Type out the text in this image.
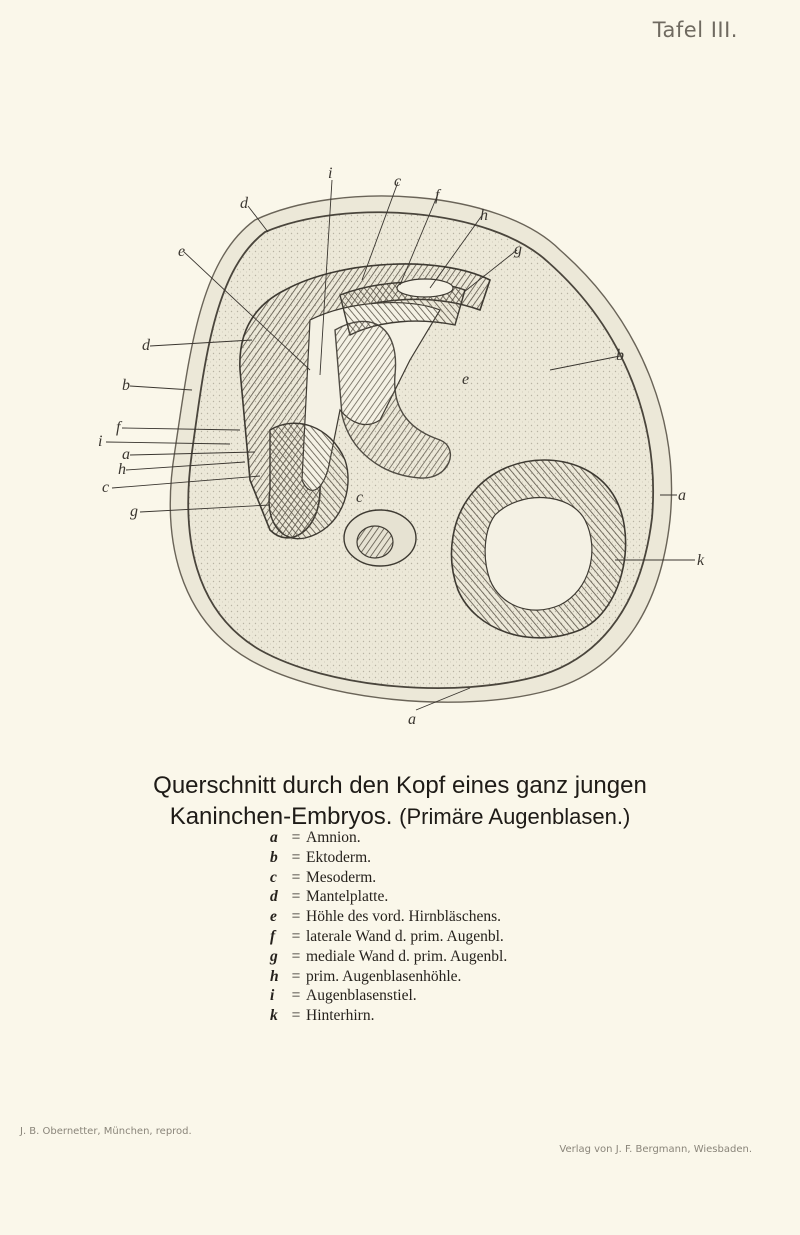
Tafel III.
i	c
f
h
d
e	g
b
d
b
f
i
a
h
c
g
e
c	a
k
a
Querschnitt durch den Kopf eines ganz jungen
Kaninchen-Embryos. (Primäre Augenblasen.)
a = Amnion.
b = Ektoderm.
c = Mesoderm.
d = Mantelplatte.
e = Höhle des vord. Hirnbläschens.
f	= laterale Wand d. prim. Augenbl.
g = mediale Wand d. prim. Augenbl.
h = prim. Augenblasenhöhle.
i	= Augenblasenstiel.
k = Hinterhirn.
J. B. Obernetter, München, reprod.
Verlag von J. F. Bergmann, Wiesbaden.
